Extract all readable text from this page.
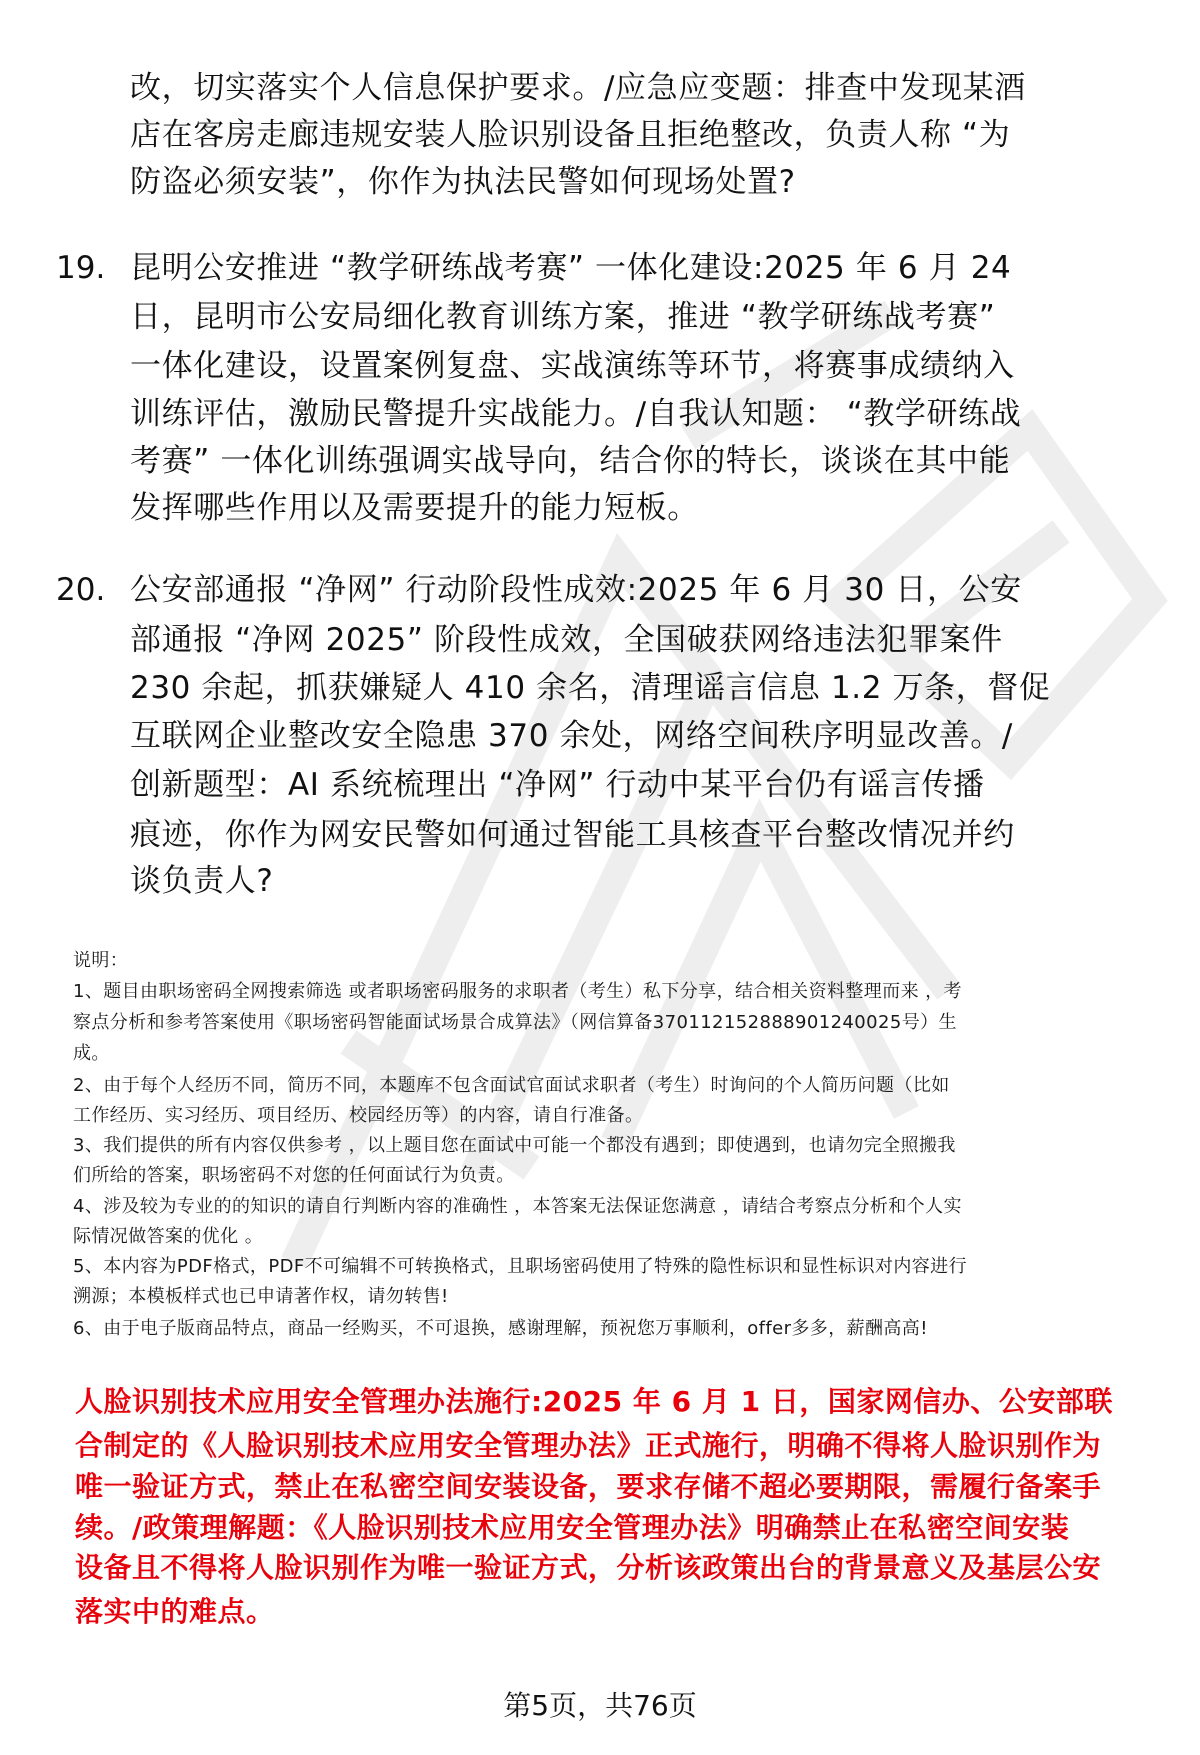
改，切实落实个人信息保护要求。/应急应变题：排查中发现某酒
店在客房走廊违规安装人脸识别设备且拒绝整改，负责人称 “为
防盗必须安装”，你作为执法民警如何现场处置?
19. 昆明公安推进 “教学研练战考赛” 一体化建设:2025 年 6 月 24
日，昆明市公安局细化教育训练方案，推进 “教学研练战考赛”
一体化建设，设置案例复盘、实战演练等环节，将赛事成绩纳入
训练评估，激励民警提升实战能力。/自我认知题： “教学研练战
考赛” 一体化训练强调实战导向，结合你的特长，谈谈在其中能
发挥哪些作用以及需要提升的能力短板。
20. 公安部通报 “净网” 行动阶段性成效:2025 年 6 月 30 日，公安
部通报 “净网 2025” 阶段性成效，全国破获网络违法犯罪案件
230 余起，抓获嫌疑人 410 余名，清理谣言信息 1.2 万条，督促
互联网企业整改安全隐患 370 余处，网络空间秩序明显改善。/
创新题型：AI 系统梳理出 “净网” 行动中某平台仍有谣言传播
痕迹，你作为网安民警如何通过智能工具核查平台整改情况并约
谈负责人?
说明：
1、题目由职场密码全网搜索筛选 或者职场密码服务的求职者（考生）私下分享，结合相关资料整理而来 ，考
察点分析和参考答案使用《职场密码智能面试场景合成算法》（网信算备370112152888901240025号）生
成。
2、由于每个人经历不同，简历不同，本题库不包含面试官面试求职者（考生）时询问的个人简历问题（比如
工作经历、实习经历、项目经历、校园经历等）的内容，请自行准备。
3、我们提供的所有内容仅供参考 ，以上题目您在面试中可能一个都没有遇到；即使遇到，也请勿完全照搬我
们所给的答案，职场密码不对您的任何面试行为负责。
4、涉及较为专业的的知识的请自行判断内容的准确性 ，本答案无法保证您满意 ，请结合考察点分析和个人实
际情况做答案的优化 。
5、本内容为PDF格式，PDF不可编辑不可转换格式，且职场密码使用了特殊的隐性标识和显性标识对内容进行
溯源；本模板样式也已申请著作权，请勿转售!
6、由于电子版商品特点，商品一经购买，不可退换，感谢理解，预祝您万事顺利，offer多多，薪酬高高!
人脸识别技术应用安全管理办法施行:2025 年 6 月 1 日，国家网信办、公安部联
合制定的《人脸识别技术应用安全管理办法》正式施行，明确不得将人脸识别作为
唯一验证方式，禁止在私密空间安装设备，要求存储不超必要期限，需履行备案手
续。/政策理解题：《人脸识别技术应用安全管理办法》明确禁止在私密空间安装
设备且不得将人脸识别作为唯一验证方式，分析该政策出台的背景意义及基层公安
落实中的难点。
第5页，共76页
